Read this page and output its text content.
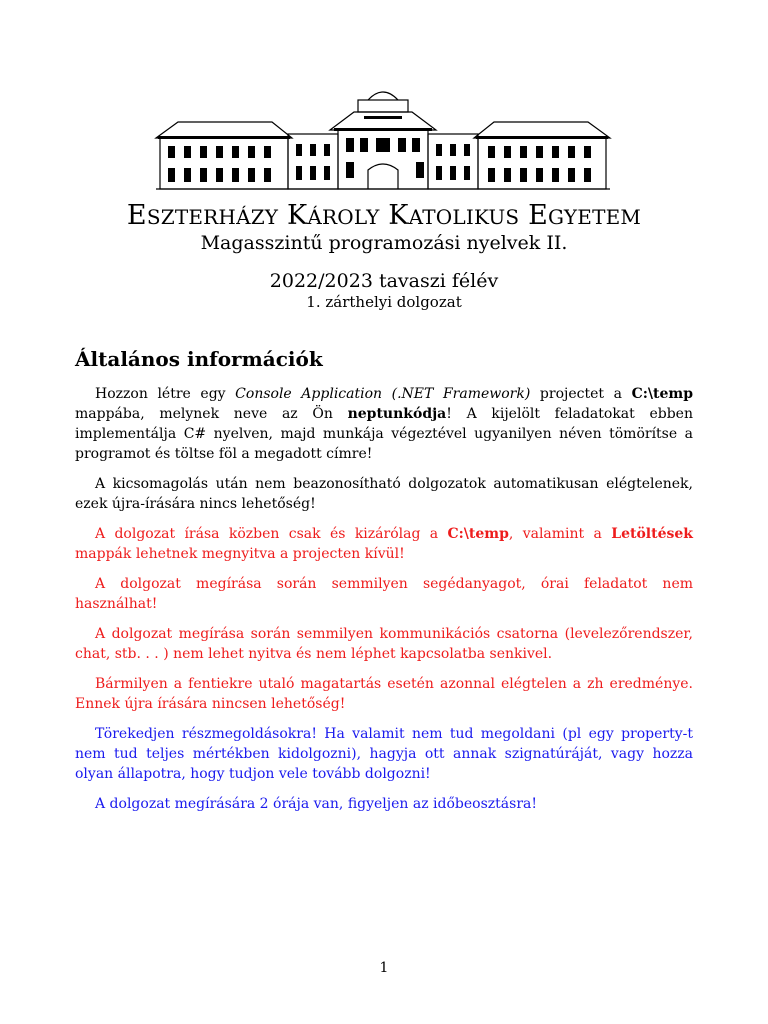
ESZTERHÁZY KÁROLY KATOLIKUS EGYETEM
Magasszintű programozási nyelvek II.
2022/2023 tavaszi félév
1. zárthelyi dolgozat
Általános információk

Hozzon létre egy Console Application (.NET Framework) projectet a C:\temp mappába, melynek neve az Ön neptunkódja! A kijelölt feladatokat ebben implementálja C# nyelven, majd munkája végeztével ugyanilyen néven tömörítse a programot és töltse föl a megadott címre!

A kicsomagolás után nem beazonosítható dolgozatok automatikusan elégtelenek, ezek újra-írására nincs lehetőség!

A dolgozat írása közben csak és kizárólag a C:\temp, valamint a Letöltések mappák lehetnek megnyitva a projecten kívül!

A dolgozat megírása során semmilyen segédanyagot, órai feladatot nem használhat!

A dolgozat megírása során semmilyen kommunikációs csatorna (levelezőrendszer, chat, stb. . . ) nem lehet nyitva és nem léphet kapcsolatba senkivel.

Bármilyen a fentiekre utaló magatartás esetén azonnal elégtelen a zh eredménye. Ennek újra írására nincsen lehetőség!

Törekedjen részmegoldásokra! Ha valamit nem tud megoldani (pl egy property-t nem tud teljes mértékben kidolgozni), hagyja ott annak szignatúráját, vagy hozza olyan állapotra, hogy tudjon vele tovább dolgozni!

A dolgozat megírására 2 órája van, figyeljen az időbeosztásra!

1
